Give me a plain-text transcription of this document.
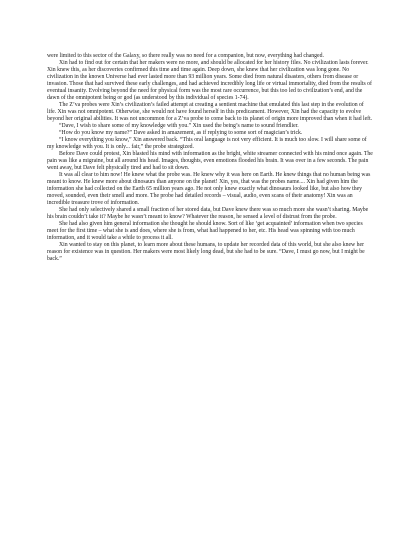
were limited to this sector of the Galaxy, so there really was no need for a companion, but now, everything had changed.

Xin had to find out for certain that her makers were no more, and should be allocated for her history files. No civilization lasts forever. Xin knew this, as her discoveries confirmed this time and time again. Deep down, she knew that her civilization was long gone. No civilization in the known Universe had ever lasted more than 93 million years. Some died from natural disasters, others from disease or invasion. Those that had survived these early challenges, and had achieved incredibly long life or virtual immortality, died from the results of eventual insanity. Evolving beyond the need for physical form was the most rare occurrence, but this too led to civilization’s end, and the dawn of the omnipotent being or god (as understood by this individual of species 1-74).

The Z’va probes were Xin’s civilization’s failed attempt at creating a sentient machine that emulated this last step in the evolution of life. Xin was not omnipotent. Otherwise, she would not have found herself in this predicament. However, Xin had the capacity to evolve beyond her original abilities. It was not uncommon for a Z’va probe to come back to its planet of origin more improved than when it had left.

“Dave, I wish to share some of my knowledge with you.” Xin used the being’s name to sound friendlier.

“How do you know my name?” Dave asked in amazement, as if replying to some sort of magician’s trick.

“I know everything you know,” Xin answered back. “This oral language is not very efficient. It is much too slow. I will share some of my knowledge with you. It is only... fair,” the probe strategized.

Before Dave could protest, Xin blasted his mind with information as the bright, white streamer connected with his mind once again. The pain was like a migraine, but all around his head. Images, thoughts, even emotions flooded his brain. It was over in a few seconds. The pain went away, but Dave felt physically tired and had to sit down.

It was all clear to him now! He knew what the probe was. He knew why it was here on Earth. He knew things that no human being was meant to know. He knew more about dinosaurs than anyone on the planet! Xin, yes, that was the probes name.... Xin had given him the information she had collected on the Earth 65 million years ago. He not only knew exactly what dinosaurs looked like, but also how they moved, sounded, even their smell and more. The probe had detailed records – visual, audio, even scans of their anatomy! Xin was an incredible treasure trove of information.

She had only selectively shared a small fraction of her stored data, but Dave knew there was so much more she wasn’t sharing. Maybe his brain couldn’t take it? Maybe he wasn’t meant to know? Whatever the reason, he sensed a level of distrust from the probe.

She had also given him general information she thought he should know. Sort of like ‘get acquainted’ information when two species meet for the first time – what she is and does, where she is from, what had happened to her, etc. His head was spinning with too much information, and it would take a while to process it all.

Xin wanted to stay on this planet, to learn more about these humans, to update her recorded data of this world, but she also knew her reason for existence was in question. Her makers were most likely long dead, but she had to be sure. “Dave, I must go now, but I might be back.”
